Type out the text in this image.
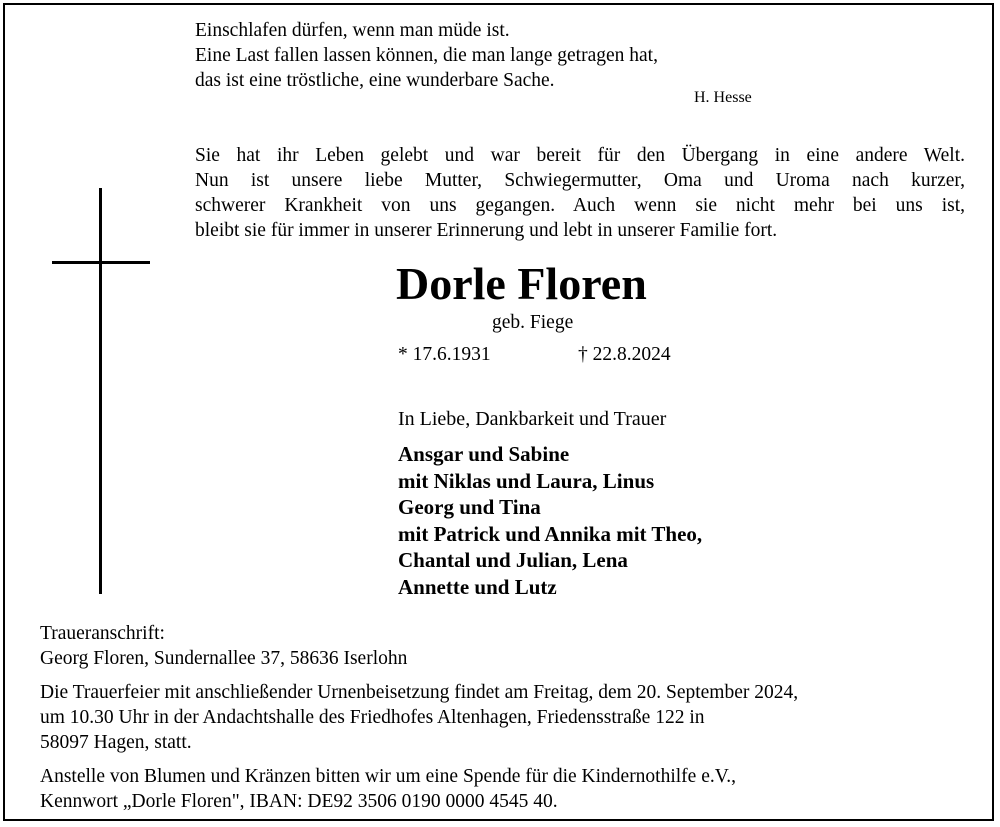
Einschlafen dürfen, wenn man müde ist.
Eine Last fallen lassen können, die man lange getragen hat,
das ist eine tröstliche, eine wunderbare Sache.
H. Hesse
Sie hat ihr Leben gelebt und war bereit für den Übergang in eine andere Welt.
Nun ist unsere liebe Mutter, Schwiegermutter, Oma und Uroma nach kurzer,
schwerer Krankheit von uns gegangen. Auch wenn sie nicht mehr bei uns ist,
bleibt sie für immer in unserer Erinnerung und lebt in unserer Familie fort.
Dorle Floren
geb. Fiege
* 17.6.1931	† 22.8.2024
In Liebe, Dankbarkeit und Trauer
Ansgar und Sabine
mit Niklas und Laura, Linus
Georg und Tina
mit Patrick und Annika mit Theo,
Chantal und Julian, Lena
Annette und Lutz
Traueranschrift:
Georg Floren, Sundernallee 37, 58636 Iserlohn
Die Trauerfeier mit anschließender Urnenbeisetzung findet am Freitag, dem 20. September 2024,
um 10.30 Uhr in der Andachtshalle des Friedhofes Altenhagen, Friedensstraße 122 in
58097 Hagen, statt.
Anstelle von Blumen und Kränzen bitten wir um eine Spende für die Kindernothilfe e.V.,
Kennwort „Dorle Floren", IBAN: DE92 3506 0190 0000 4545 40.
